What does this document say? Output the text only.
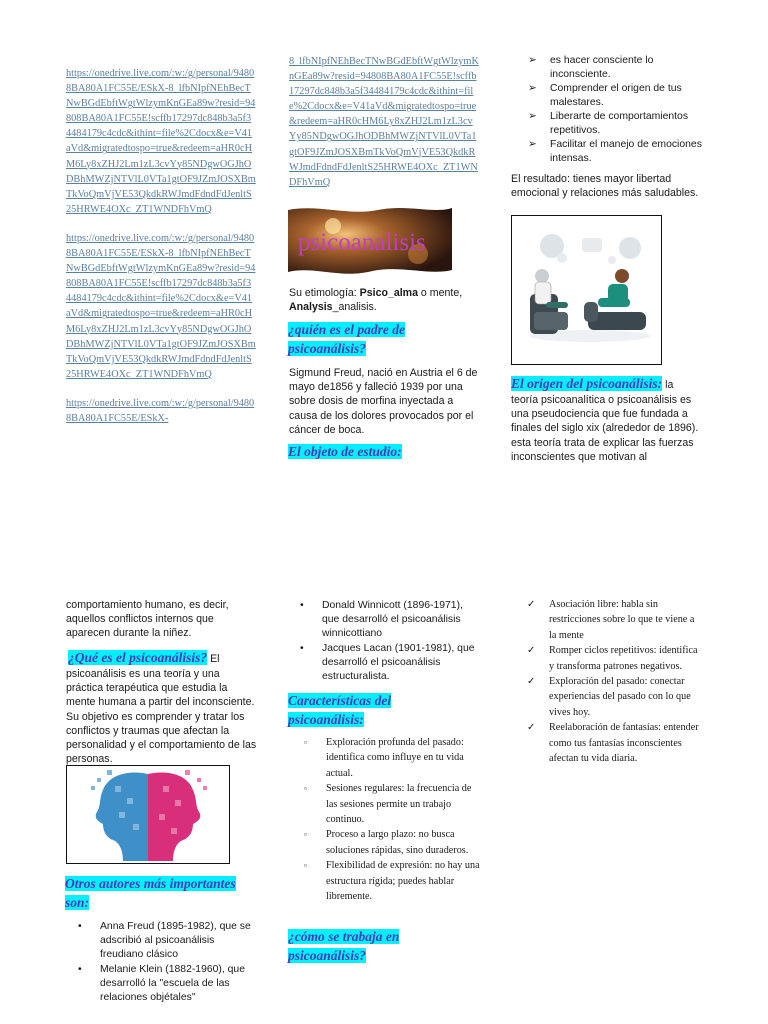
https://onedrive.live.com/:w:/g/personal/94808BA80A1FC55E/ESkX-8_lfbNIpfNEhBecTNwBGdEbftWgtWlzymKnGEa89w?resid=94808BA80A1FC55E!scffb17297dc848b3a5f34484179c4cdc&ithint=file%2Cdocx&e=V41aVd&migratedtospo=true&redeem=aHR0cHM6Ly8xZHJ2Lm1zL3cvYy85NDgwOGJhODBhMWZjNTVlL0VTa1gtOF9JZmJOSXBmTkVoQmVjVE53QkdkRWJmdFdndFdJenltS25HRWE4OXc_ZT1WNDFhVmQ
https://onedrive.live.com/:w:/g/personal/94808BA80A1FC55E/ESkX-8_lfbNIpfNEhBecTNwBGdEbftWgtWlzymKnGEa89w?resid=94808BA80A1FC55E!scffb17297dc848b3a5f34484179c4cdc&ithint=file%2Cdocx&e=V41aVd&migratedtospo=true&redeem=aHR0cHM6Ly8xZHJ2Lm1zL3cvYy85NDgwOGJhODBhMWZjNTVlL0VTa1gtOF9JZmJOSXBmTkVoQmVjVE53QkdkRWJmdFdndFdJenltS25HRWE4OXc_ZT1WNDFhVmQ
https://onedrive.live.com/:w:/g/personal/94808BA80A1FC55E/ESkX-
8_lfbNIpfNEhBecTNwBGdEbftWgtWlzymKnGEa89w?resid=94808BA80A1FC55E!scffb17297dc848b3a5f34484179c4cdc&ithint=file%2Cdocx&e=V41aVd&migratedtospo=true&redeem=aHR0cHM6Ly8xZHJ2Lm1zL3cvYy85NDgwOGJhODBhMWZjNTVlL0VTa1gtOF9JZmJOSXBmTkVoQmVjVE53QkdkRWJmdFdndFdJenltS25HRWE4OXc_ZT1WNDFhVmQ
psicoanalisis
Su etimología: Psico_alma o mente, Analysis_analisis.
¿quién es el padre de psicoanálisis?
Sigmund Freud, nació en Austria el 6 de mayo de1856 y falleció 1939 por una sobre dosis de morfina inyectada a causa de los dolores provocados por el cáncer de boca.
El objeto de estudio:
➢ es hacer consciente lo inconsciente.
➢ Comprender el origen de tus malestares.
➢ Liberarte de comportamientos repetitivos.
➢ Facilitar el manejo de emociones intensas.
El resultado: tienes mayor libertad emocional y relaciones más saludables.
El origen del psicoanálisis: la teoría psicoanalítica o psicoanálisis es una pseudociencia que fue fundada a finales del siglo xix (alrededor de 1896). esta teoría trata de explicar las fuerzas inconscientes que motivan al
comportamiento humano, es decir, aquellos conflictos internos que aparecen durante la niñez.
¿Qué es el psicoanálisis? El psicoanálisis es una teoría y una práctica terapéutica que estudia la mente humana a partir del inconsciente. Su objetivo es comprender y tratar los conflictos y traumas que afectan la personalidad y el comportamiento de las personas.
Otros autores más importantes son:
• Anna Freud (1895-1982), que se adscribió al psicoanálisis freudiano clásico
• Melanie Klein (1882-1960), que desarrolló la "escuela de las relaciones objétales"
• Donald Winnicott (1896-1971), que desarrolló el psicoanálisis winnicottiano
• Jacques Lacan (1901-1981), que desarrolló el psicoanálisis estructuralista.
Características del psicoanálisis:
▫ Exploración profunda del pasado: identifica como influye en tu vida actual.
▫ Sesiones regulares: la frecuencia de las sesiones permite un trabajo continuo.
▫ Proceso a largo plazo: no busca soluciones rápidas, sino duraderos.
▫ Flexibilidad de expresión: no hay una estructura rígida; puedes hablar libremente.
¿cómo se trabaja en psicoanálisis?
✓ Asociación libre: habla sin restricciones sobre lo que te viene a la mente
✓ Romper ciclos repetitivos: identifica y transforma patrones negativos.
✓ Exploración del pasado: conectar experiencias del pasado con lo que vives hoy.
✓ Reelaboración de fantasías: entender como tus fantasías inconscientes afectan tu vida diaria.
